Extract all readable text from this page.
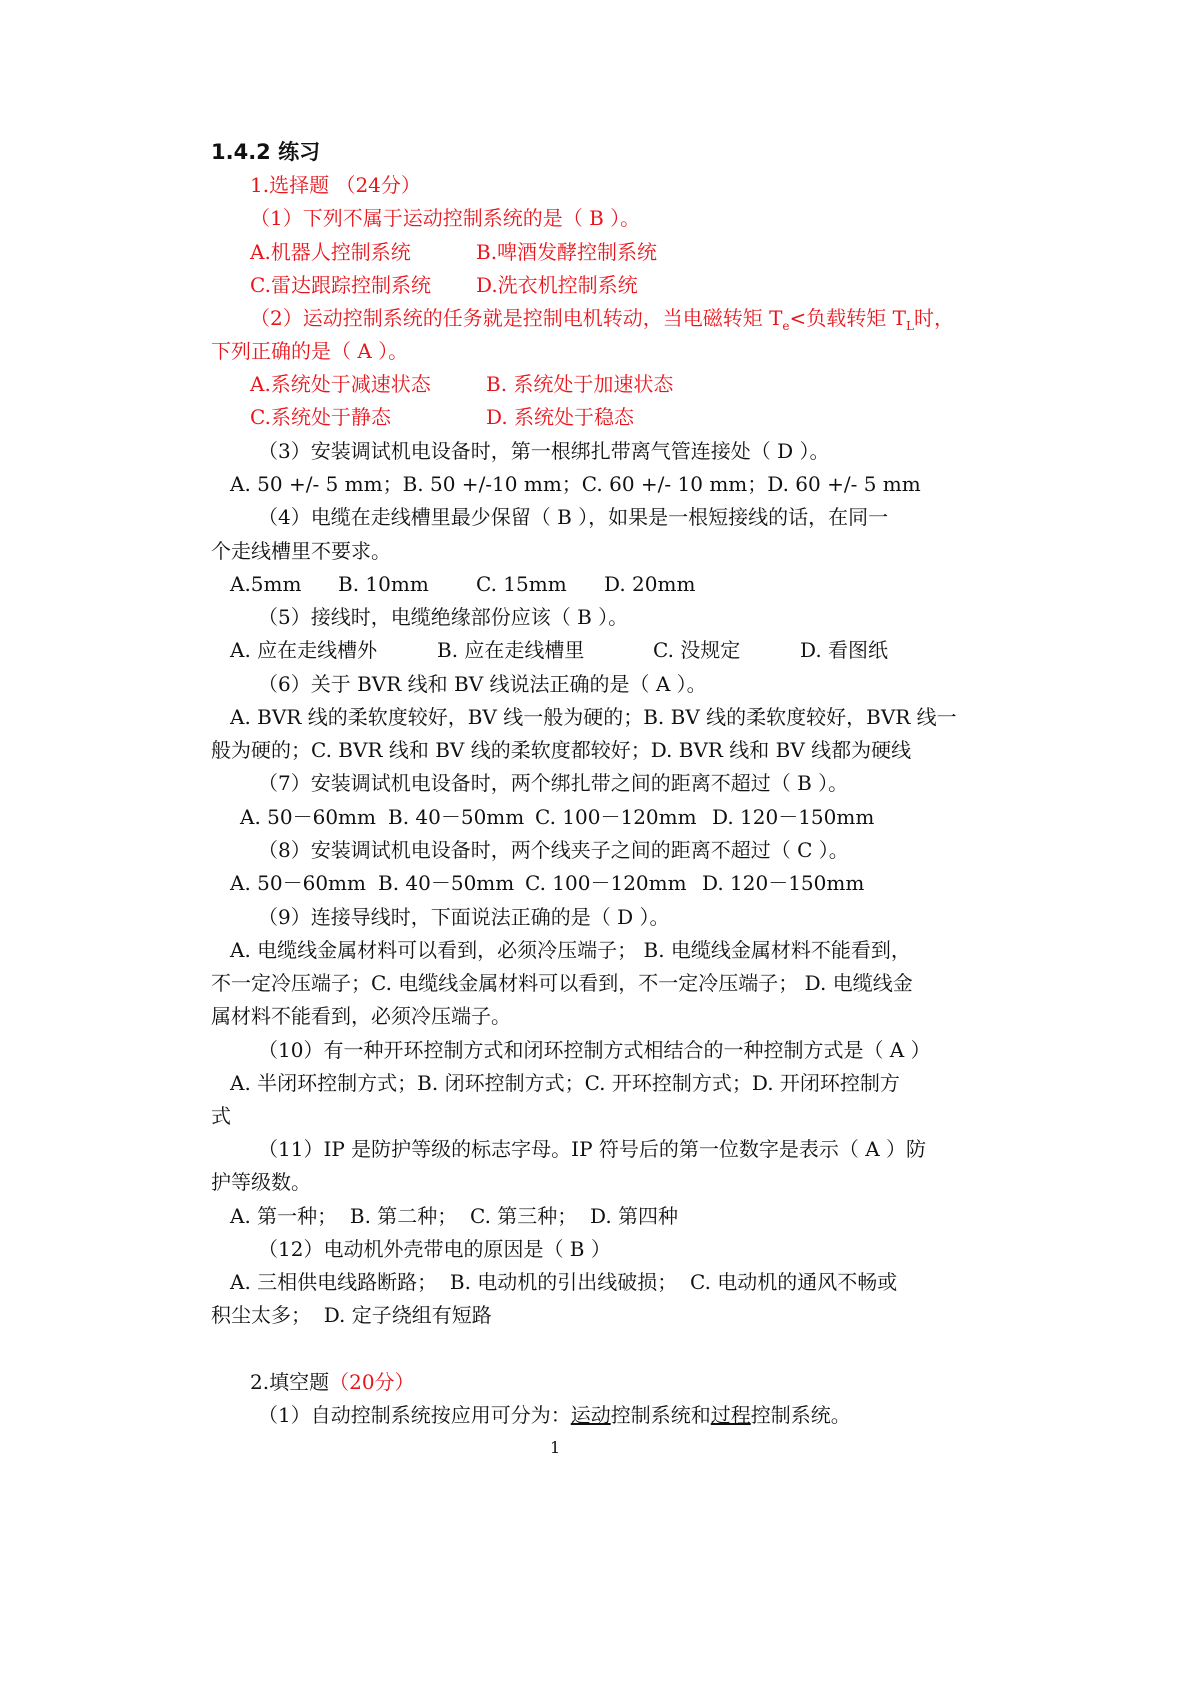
1.4.2 练习
1.选择题 （24分）
（1）下列不属于运动控制系统的是（ B ）。
A.机器人控制系统	B.啤酒发酵控制系统
C.雷达跟踪控制系统 D.洗衣机控制系统
（2）运动控制系统的任务就是控制电机转动，当电磁转矩 $T_e<$负载转矩 $T_L$时，
下列正确的是（ A ）。
A.系统处于减速状态	B. 系统处于加速状态
C.系统处于静态	D. 系统处于稳态
（3）安装调试机电设备时，第一根绑扎带离气管连接处（ D ）。
A. 50 +/- 5 mm；B. 50 +/-10 mm；C. 60 +/- 10 mm；D. 60 +/- 5 mm
（4）电缆在走线槽里最少保留（ B ），如果是一根短接线的话，在同一
个走线槽里不要求。
A.5mm B. 10mm C. 15mm D. 20mm
（5）接线时，电缆绝缘部份应该（ B ）。
A. 应在走线槽外	B. 应在走线槽里	C. 没规定	D. 看图纸
（6）关于 BVR 线和 BV 线说法正确的是（ A ）。
A. BVR 线的柔软度较好，BV 线一般为硬的；B. BV 线的柔软度较好，BVR 线一
般为硬的；C. BVR 线和 BV 线的柔软度都较好；D. BVR 线和 BV 线都为硬线
（7）安装调试机电设备时，两个绑扎带之间的距离不超过（ B ）。
A. 50－60mm B. 40－50mm C. 100－120mm D. 120－150mm
（8）安装调试机电设备时，两个线夹子之间的距离不超过（ C ）。
A. 50－60mm B. 40－50mm C. 100－120mm D. 120－150mm
（9）连接导线时，下面说法正确的是（ D ）。
A. 电缆线金属材料可以看到，必须冷压端子； B. 电缆线金属材料不能看到，
不一定冷压端子；C. 电缆线金属材料可以看到，不一定冷压端子； D. 电缆线金
属材料不能看到，必须冷压端子。
（10）有一种开环控制方式和闭环控制方式相结合的一种控制方式是（ A ）
A. 半闭环控制方式；B. 闭环控制方式；C. 开环控制方式；D. 开闭环控制方
式
（11）IP 是防护等级的标志字母。IP 符号后的第一位数字是表示（ A ）防
护等级数。
A. 第一种；  B. 第二种；  C. 第三种；  D. 第四种
（12）电动机外壳带电的原因是（ B ）
A. 三相供电线路断路；  B. 电动机的引出线破损；  C. 电动机的通风不畅或
积尘太多；  D. 定子绕组有短路
2.填空题（20分）
（1）自动控制系统按应用可分为：运动控制系统和过程控制系统。
1
